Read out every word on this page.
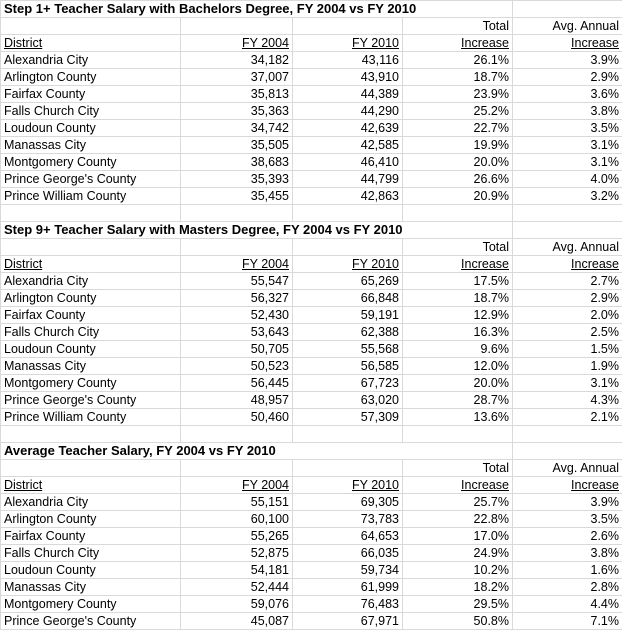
Step 1+ Teacher Salary with Bachelors Degree, FY 2004 vs FY 2010				
			Total	Avg. Annual
District	FY 2004	FY 2010	Increase	Increase
Alexandria City	34,182	43,116	26.1%	3.9%
Arlington County	37,007	43,910	18.7%	2.9%
Fairfax County	35,813	44,389	23.9%	3.6%
Falls Church City	35,363	44,290	25.2%	3.8%
Loudoun County	34,742	42,639	22.7%	3.5%
Manassas City	35,505	42,585	19.9%	3.1%
Montgomery County	38,683	46,410	20.0%	3.1%
Prince George's County	35,393	44,799	26.6%	4.0%
Prince William County	35,455	42,863	20.9%	3.2%

Step 9+ Teacher Salary with Masters Degree, FY 2004 vs FY 2010				
			Total	Avg. Annual
District	FY 2004	FY 2010	Increase	Increase
Alexandria City	55,547	65,269	17.5%	2.7%
Arlington County	56,327	66,848	18.7%	2.9%
Fairfax County	52,430	59,191	12.9%	2.0%
Falls Church City	53,643	62,388	16.3%	2.5%
Loudoun County	50,705	55,568	9.6%	1.5%
Manassas City	50,523	56,585	12.0%	1.9%
Montgomery County	56,445	67,723	20.0%	3.1%
Prince George's County	48,957	63,020	28.7%	4.3%
Prince William County	50,460	57,309	13.6%	2.1%

Average Teacher Salary, FY 2004 vs FY 2010				
			Total	Avg. Annual
District	FY 2004	FY 2010	Increase	Increase
Alexandria City	55,151	69,305	25.7%	3.9%
Arlington County	60,100	73,783	22.8%	3.5%
Fairfax County	55,265	64,653	17.0%	2.6%
Falls Church City	52,875	66,035	24.9%	3.8%
Loudoun County	54,181	59,734	10.2%	1.6%
Manassas City	52,444	61,999	18.2%	2.8%
Montgomery County	59,076	76,483	29.5%	4.4%
Prince George's County	45,087	67,971	50.8%	7.1%
